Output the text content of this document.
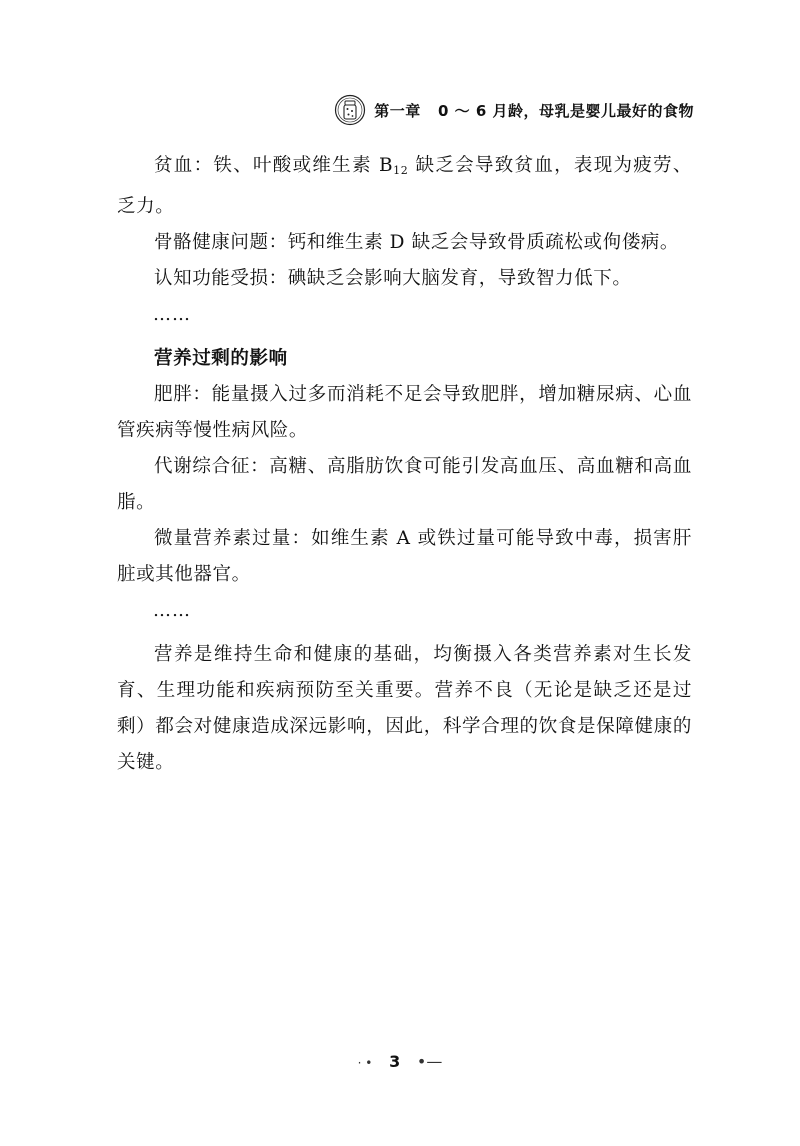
第一章   0 ～ 6 月龄，母乳是婴儿最好的食物

贫血：铁、叶酸或维生素 $B_{12}$ 缺乏会导致贫血，表现为疲劳、乏力。

骨骼健康问题：钙和维生素 D 缺乏会导致骨质疏松或佝偻病。

认知功能受损：碘缺乏会影响大脑发育，导致智力低下。

……

营养过剩的影响

肥胖：能量摄入过多而消耗不足会导致肥胖，增加糖尿病、心血管疾病等慢性病风险。

代谢综合征：高糖、高脂肪饮食可能引发高血压、高血糖和高血脂。

微量营养素过量：如维生素 A 或铁过量可能导致中毒，损害肝脏或其他器官。

……

营养是维持生命和健康的基础，均衡摄入各类营养素对生长发育、生理功能和疾病预防至关重要。营养不良（无论是缺乏还是过剩）都会对健康造成深远影响，因此，科学合理的饮食是保障健康的关键。

· • 3 •—
